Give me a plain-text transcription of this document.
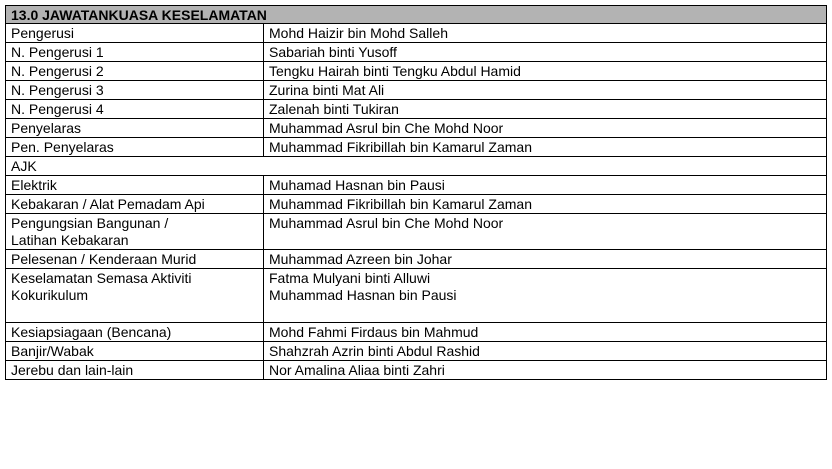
13.0 JAWATANKUASA KESELAMATAN	
Pengerusi	Mohd Haizir bin Mohd Salleh
N. Pengerusi 1	Sabariah binti Yusoff
N. Pengerusi 2	Tengku Hairah binti Tengku Abdul Hamid
N. Pengerusi 3	Zurina binti Mat Ali
N. Pengerusi 4	Zalenah binti Tukiran
Penyelaras	Muhammad Asrul bin Che Mohd Noor
Pen. Penyelaras	Muhammad Fikribillah bin Kamarul Zaman
AJK	
Elektrik	Muhamad Hasnan bin Pausi
Kebakaran / Alat Pemadam Api	Muhammad Fikribillah bin Kamarul Zaman

Pengungsian Bangunan /
Latihan Kebakaran	Muhammad Asrul bin Che Mohd Noor

Pelesenan / Kenderaan Murid	Muhammad Azreen bin Johar

Keselamatan Semasa Aktiviti
Kokurikulum	Fatma Mulyani binti Alluwi
Muhammad Hasnan bin Pausi

Kesiapsiagaan (Bencana)	Mohd Fahmi Firdaus bin Mahmud
Banjir/Wabak	Shahzrah Azrin binti Abdul Rashid
Jerebu dan lain-lain	Nor Amalina Aliaa binti Zahri
